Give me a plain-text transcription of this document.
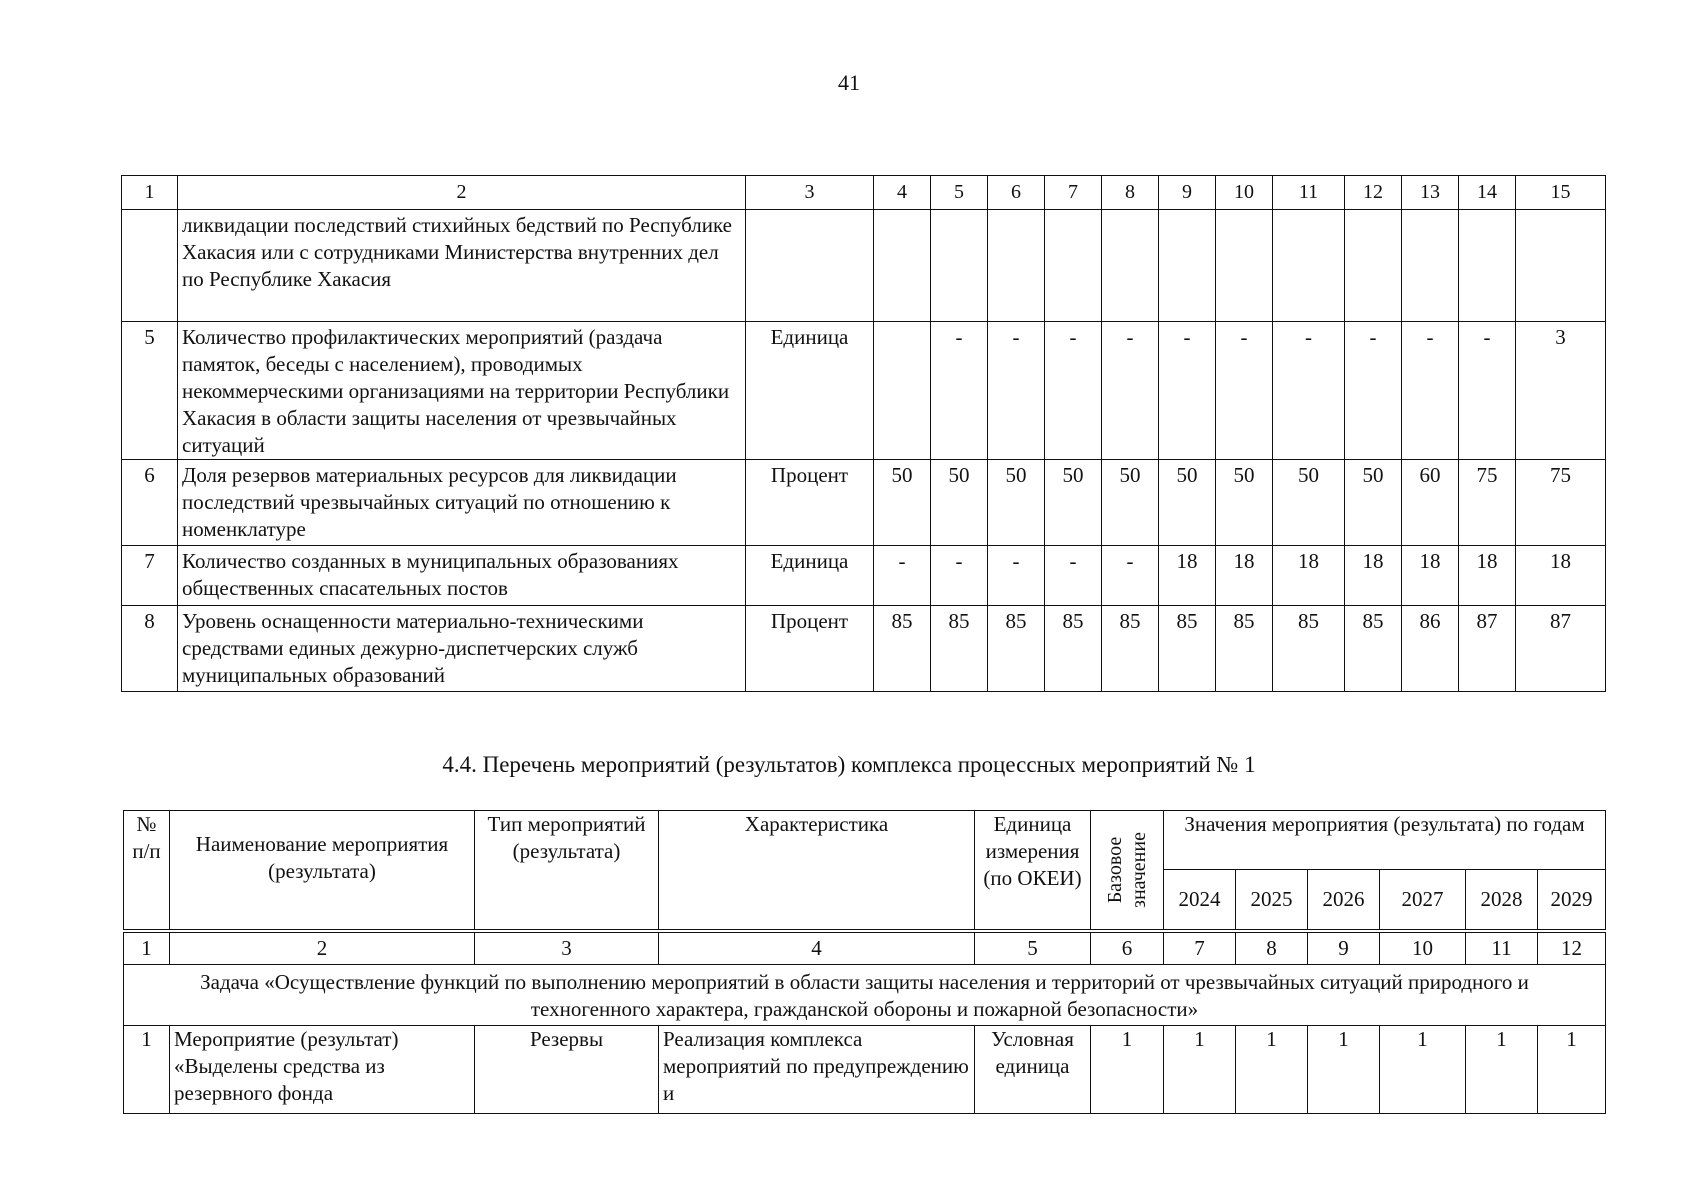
41
1	2	3	4	5	6	7	8	9	10	11	12	13	14	15
	ликвидации последствий стихийных бедствий по Республике Хакасия или с сотрудниками Министерства внутренних дел по Республике Хакасия													
5	Количество профилактических мероприятий (раздача памяток, беседы с населением), проводимых некоммерческими организациями на территории Республики Хакасия в области защиты населения от чрезвычайных ситуаций	Единица		-	-	-	-	-	-	-	-	-	-	3
6	Доля резервов материальных ресурсов для ликвидации последствий чрезвычайных ситуаций по отношению к номенклатуре	Процент	50	50	50	50	50	50	50	50	50	60	75	75
7	Количество созданных в муниципальных образованиях общественных спасательных постов	Единица	-	-	-	-	-	18	18	18	18	18	18	18
8	Уровень оснащенности материально-техническими средствами единых дежурно-диспетчерских служб муниципальных образований	Процент	85	85	85	85	85	85	85	85	85	86	87	87
4.4. Перечень мероприятий (результатов) комплекса процессных мероприятий № 1
№ п/п	Наименование мероприятия (результата)	Тип мероприятий (результата)	Характеристика	Единица измерения (по ОКЕИ)	Базовое значение	Значения мероприятия (результата) по годам					
						2024	2025	2026	2027	2028	2029
1	2	3	4	5	6	7	8	9	10	11	12
Задача «Осуществление функций по выполнению мероприятий в области защиты населения и территорий от чрезвычайных ситуаций природного и техногенного характера, гражданской обороны и пожарной безопасности»											
1	Мероприятие (результат) «Выделены средства из резервного фонда	Резервы	Реализация комплекса мероприятий по предупреждению и	Условная единица	1	1	1	1	1	1	1
